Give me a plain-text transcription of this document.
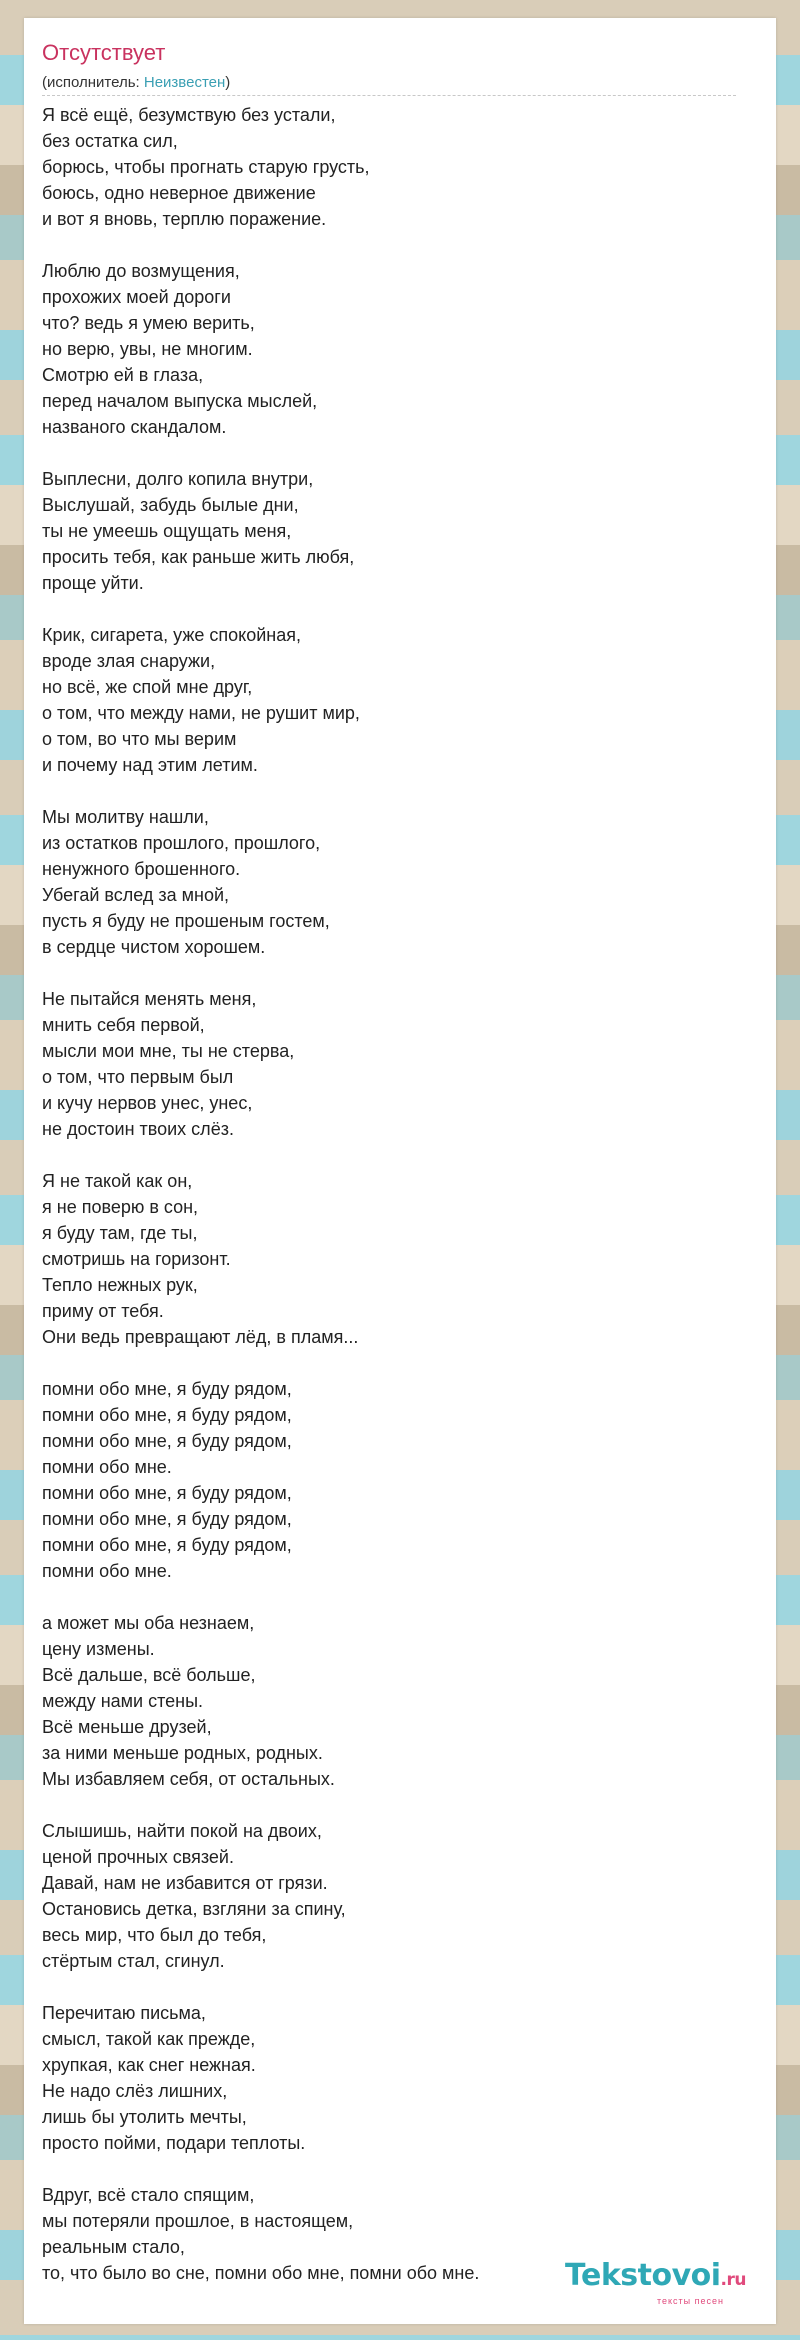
Отсутствует
(исполнитель: Неизвестен)
Я всё ещё, безумствую без устали,
без остатка сил,
борюсь, чтобы прогнать старую грусть,
боюсь, одно неверное движение
и вот я вновь, терплю поражение.
Люблю до возмущения,
прохожих моей дороги
что? ведь я умею верить,
но верю, увы, не многим.
Смотрю ей в глаза,
перед началом выпуска мыслей,
названого скандалом.
Выплесни, долго копила внутри,
Выслушай, забудь былые дни,
ты не умеешь ощущать меня,
просить тебя, как раньше жить любя,
проще уйти.
Крик, сигарета, уже спокойная,
вроде злая снаружи,
но всё, же спой мне друг,
о том, что между нами, не рушит мир,
о том, во что мы верим
и почему над этим летим.
Мы молитву нашли,
из остатков прошлого, прошлого,
ненужного брошенного.
Убегай вслед за мной,
пусть я буду не прошеным гостем,
в сердце чистом хорошем.
Не пытайся менять меня,
мнить себя первой,
мысли мои мне, ты не стерва,
о том, что первым был
и кучу нервов унес, унес,
не достоин твоих слёз.
Я не такой как он,
я не поверю в сон,
я буду там, где ты,
смотришь на горизонт.
Тепло нежных рук,
приму от тебя.
Они ведь превращают лёд, в пламя...
помни обо мне, я буду рядом,
помни обо мне, я буду рядом,
помни обо мне, я буду рядом,
помни обо мне.
помни обо мне, я буду рядом,
помни обо мне, я буду рядом,
помни обо мне, я буду рядом,
помни обо мне.
а может мы оба незнаем,
цену измены.
Всё дальше, всё больше,
между нами стены.
Всё меньше друзей,
за ними меньше родных, родных.
Мы избавляем себя, от остальных.
Слышишь, найти покой на двоих,
ценой прочных связей.
Давай, нам не избавится от грязи.
Остановись детка, взгляни за спину,
весь мир, что был до тебя,
стёртым стал, сгинул.
Перечитаю письма,
смысл, такой как прежде,
хрупкая, как снег нежная.
Не надо слёз лишних,
лишь бы утолить мечты,
просто пойми, подари теплоты.
Вдруг, всё стало спящим,
мы потеряли прошлое, в настоящем,
реальным стало,
то, что было во сне, помни обо мне, помни обо мне.	Tekstovoi.ru
тексты песен
